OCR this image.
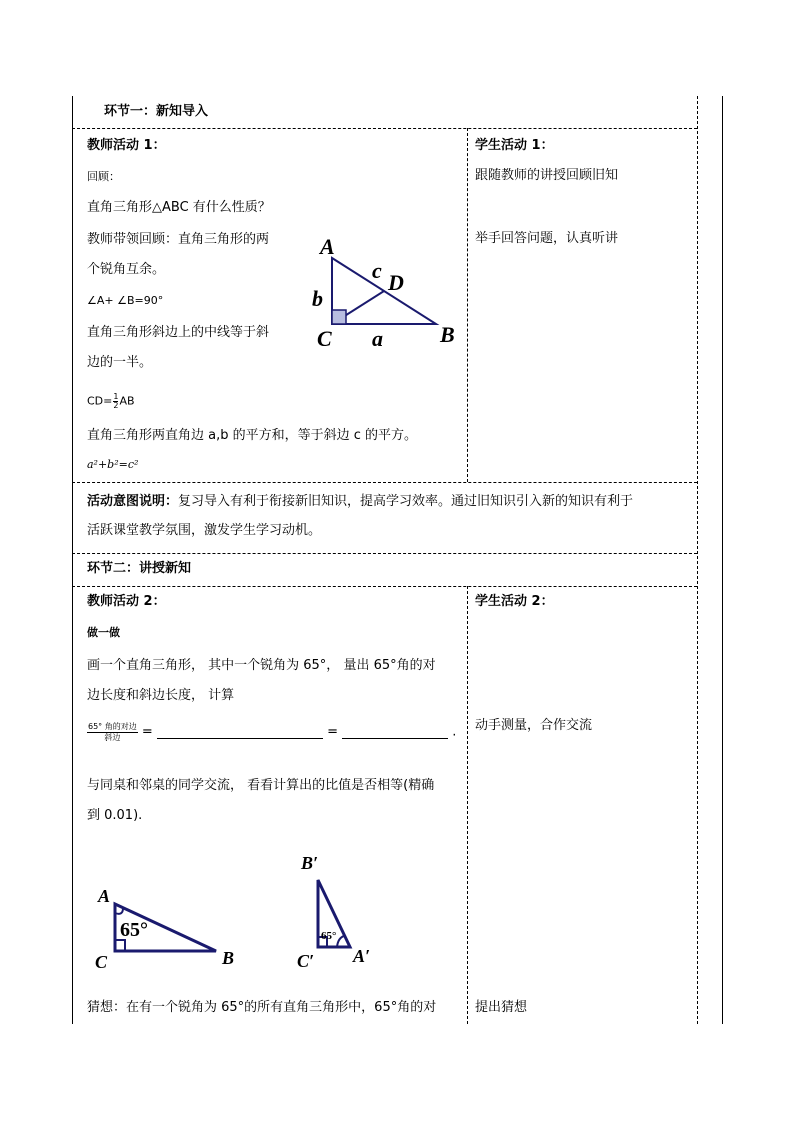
环节一：新知导入
教师活动 1：
回顾：
直角三角形△ABC 有什么性质？
教师带领回顾：直角三角形的两
个锐角互余。
∠A+ ∠B=90°
直角三角形斜边上的中线等于斜
边的一半。
$CD= \frac{1}{2}$ AB
直角三角形两直角边 a,b 的平方和，等于斜边 c 的平方。
a²+b²=c²
学生活动 1：
跟随教师的讲授回顾旧知
举手回答问题，认真听讲
A
B
C
D
a
b
c
活动意图说明：复习导入有利于衔接新旧知识，提高学习效率。通过旧知识引入新的知识有利于
活跃课堂教学氛围，激发学生学习动机。
环节二：讲授新知
教师活动 2：
做一做
画一个直角三角形， 其中一个锐角为 65°， 量出 65°角的对
边长度和斜边长度， 计算
65° 角的对边
斜边	=	=	.
与同桌和邻桌的同学交流， 看看计算出的比值是否相等(精确
到 0.01).
65°
A
B
C
65°
B′
A′
C′
猜想：在有一个锐角为 65°的所有直角三角形中，65°角的对
学生活动 2：
动手测量，合作交流
提出猜想
